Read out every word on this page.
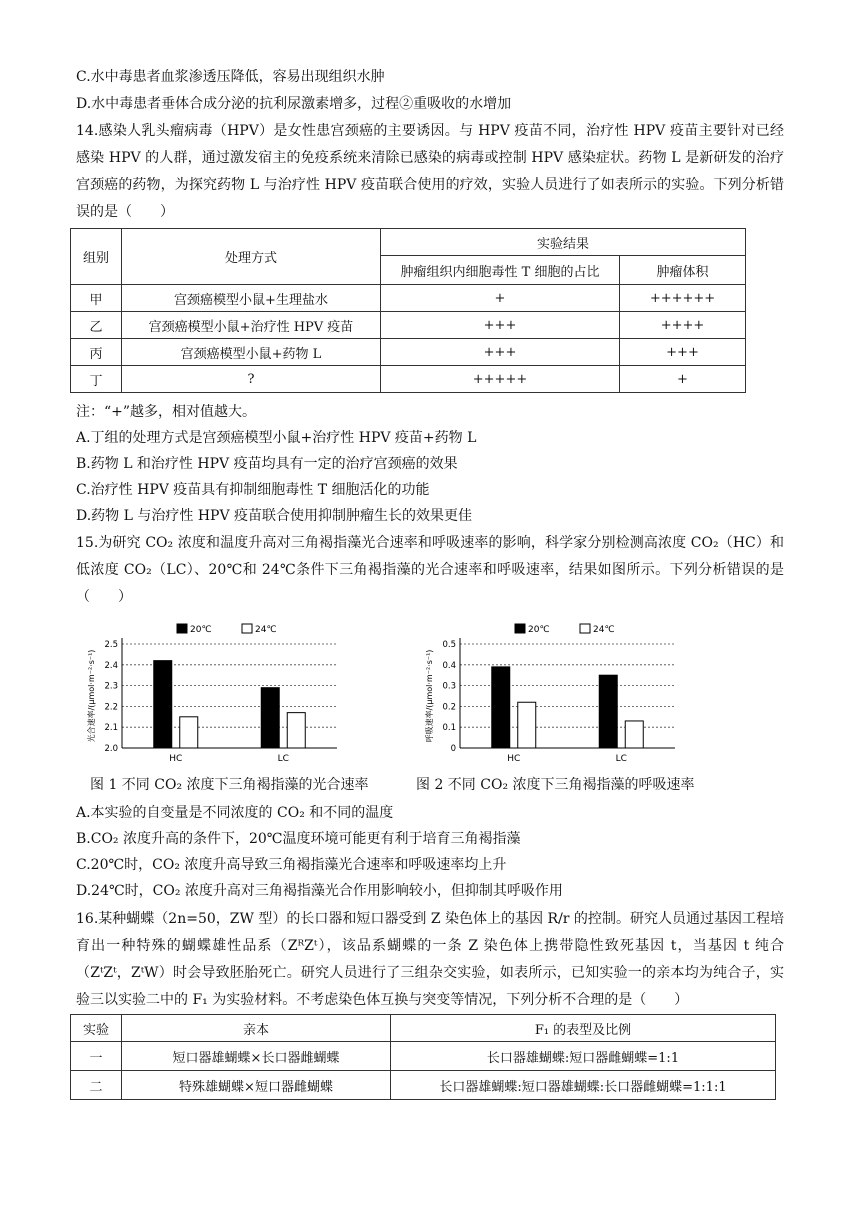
C.水中毒患者血浆渗透压降低，容易出现组织水肿
D.水中毒患者垂体合成分泌的抗利尿激素增多，过程②重吸收的水增加
14.感染人乳头瘤病毒（HPV）是女性患宫颈癌的主要诱因。与 HPV 疫苗不同，治疗性 HPV 疫苗主要针对已经感染 HPV 的人群，通过激发宿主的免疫系统来清除已感染的病毒或控制 HPV 感染症状。药物 L 是新研发的治疗宫颈癌的药物，为探究药物 L 与治疗性 HPV 疫苗联合使用的疗效，实验人员进行了如表所示的实验。下列分析错误的是（　　）
组别	处理方式	实验结果	
		肿瘤组织内细胞毒性 T 细胞的占比	肿瘤体积
甲	宫颈癌模型小鼠+生理盐水	+	++++++
乙	宫颈癌模型小鼠+治疗性 HPV 疫苗	+++	++++
丙	宫颈癌模型小鼠+药物 L	+++	+++
丁	?	+++++	+
注：“+”越多，相对值越大。
A.丁组的处理方式是宫颈癌模型小鼠+治疗性 HPV 疫苗+药物 L
B.药物 L 和治疗性 HPV 疫苗均具有一定的治疗宫颈癌的效果
C.治疗性 HPV 疫苗具有抑制细胞毒性 T 细胞活化的功能
D.药物 L 与治疗性 HPV 疫苗联合使用抑制肿瘤生长的效果更佳
15.为研究 CO₂ 浓度和温度升高对三角褐指藻光合速率和呼吸速率的影响，科学家分别检测高浓度 CO₂（HC）和低浓度 CO₂（LC）、20℃和 24℃条件下三角褐指藻的光合速率和呼吸速率，结果如图所示。下列分析错误的是（　　）
2.0
2.1
2.2
2.3
2.4
2.5
光合速率/(μmol·m⁻²·s⁻¹)
HC	LC
20℃	24℃
0
0.1
0.2
0.3
0.4
0.5
呼吸速率/(μmol·m⁻²·s⁻¹)
HC	LC
20℃	24℃
图 1 不同 CO₂ 浓度下三角褐指藻的光合速率	图 2 不同 CO₂ 浓度下三角褐指藻的呼吸速率
A.本实验的自变量是不同浓度的 CO₂ 和不同的温度
B.CO₂ 浓度升高的条件下，20℃温度环境可能更有利于培育三角褐指藻
C.20℃时，CO₂ 浓度升高导致三角褐指藻光合速率和呼吸速率均上升
D.24℃时，CO₂ 浓度升高对三角褐指藻光合作用影响较小，但抑制其呼吸作用
16.某种蝴蝶（2n=50，ZW 型）的长口器和短口器受到 Z 染色体上的基因 R/r 的控制。研究人员通过基因工程培育出一种特殊的蝴蝶雄性品系（ZᴿZᵗ），该品系蝴蝶的一条 Z 染色体上携带隐性致死基因 t，当基因 t 纯合（ZᵗZᵗ，ZᵗW）时会导致胚胎死亡。研究人员进行了三组杂交实验，如表所示，已知实验一的亲本均为纯合子，实验三以实验二中的 F₁ 为实验材料。不考虑染色体互换与突变等情况，下列分析不合理的是（　　）
实验	亲本	F₁ 的表型及比例
一	短口器雄蝴蝶×长口器雌蝴蝶	长口器雄蝴蝶:短口器雌蝴蝶=1:1
二	特殊雄蝴蝶×短口器雌蝴蝶	长口器雄蝴蝶:短口器雄蝴蝶:长口器雌蝴蝶=1:1:1
